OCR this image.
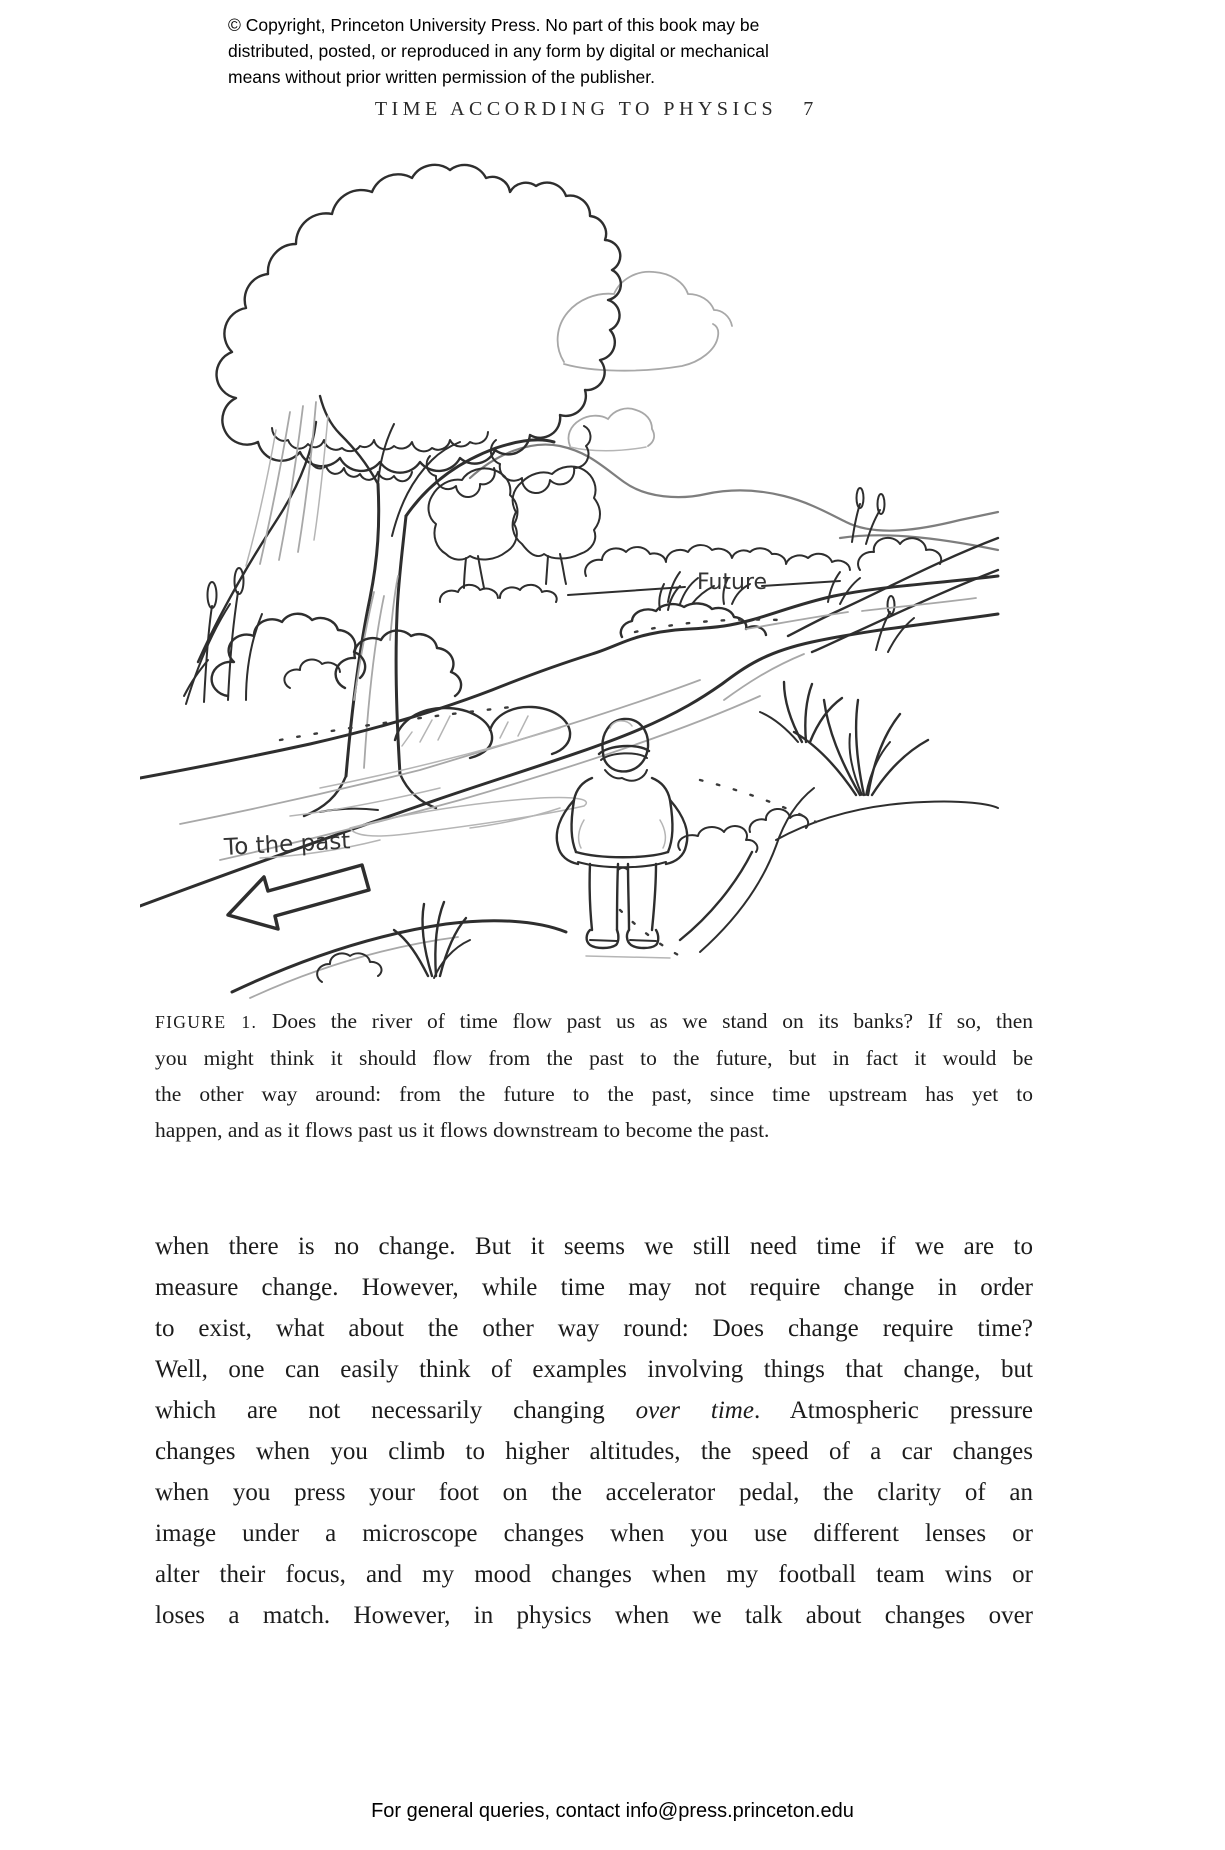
© Copyright, Princeton University Press. No part of this book may be
distributed, posted, or reproduced in any form by digital or mechanical
means without prior written permission of the publisher.
TIME ACCORDING TO PHYSICS 7
Future
To the past
FIGURE 1. Does the river of time flow past us as we stand on its banks? If so, then
you might think it should flow from the past to the future, but in fact it would be
the other way around: from the future to the past, since time upstream has yet to
happen, and as it flows past us it flows downstream to become the past.
when there is no change. But it seems we still need time if we are to
measure change. However, while time may not require change in order
to exist, what about the other way round: Does change require time?
Well, one can easily think of examples involving things that change, but
which are not necessarily changing over time. Atmospheric pressure
changes when you climb to higher altitudes, the speed of a car changes
when you press your foot on the accelerator pedal, the clarity of an
image under a microscope changes when you use different lenses or
alter their focus, and my mood changes when my football team wins or
loses a match. However, in physics when we talk about changes over
For general queries, contact info@press.princeton.edu
